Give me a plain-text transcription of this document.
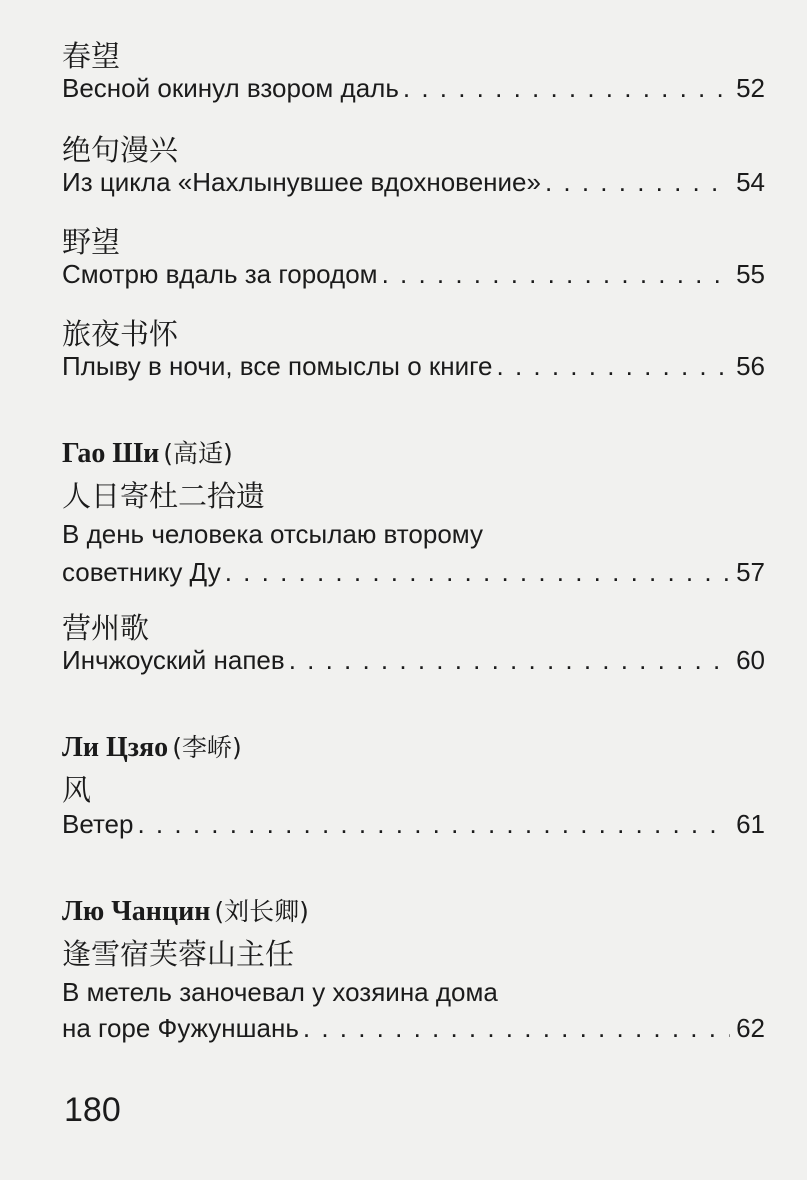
春望
Весной окинул взором даль . . .	52
绝句漫兴
Из цикла «Нахлынувшее вдохновение» . . .	54
野望
Смотрю вдаль за городом . . .	55
旅夜书怀
Плыву в ночи, все помыслы о книге . . .	56
Гао Ши (高适)
人日寄杜二拾遗
В день человека отсылаю второму
советнику Ду . . .	57
营州歌
Инчжоуский напев . . .	60
Ли Цзяо (李峤)
风
Ветер . . .	61
Лю Чанцин (刘长卿)
逢雪宿芙蓉山主任
В метель заночевал у хозяина дома
на горе Фужуншань . . .	62
180
